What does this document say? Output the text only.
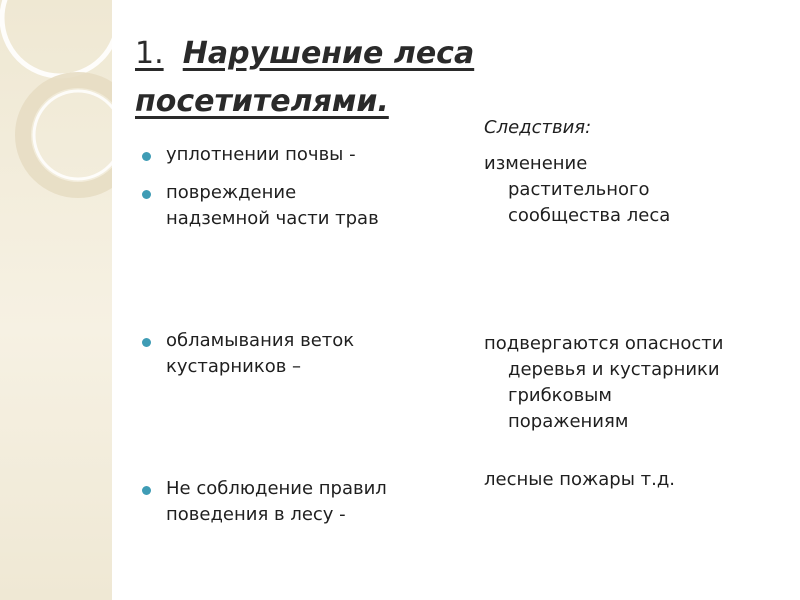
1. Нарушение леса
посетителями.
уплотнении почвы -
повреждение
надземной части трав
обламывания веток
кустарников –
Не соблюдение правил
поведения в лесу -
Следствия:
изменение
растительного
сообщества леса
подвергаются опасности
деревья и кустарники
грибковым
поражениям
лесные пожары т.д.
